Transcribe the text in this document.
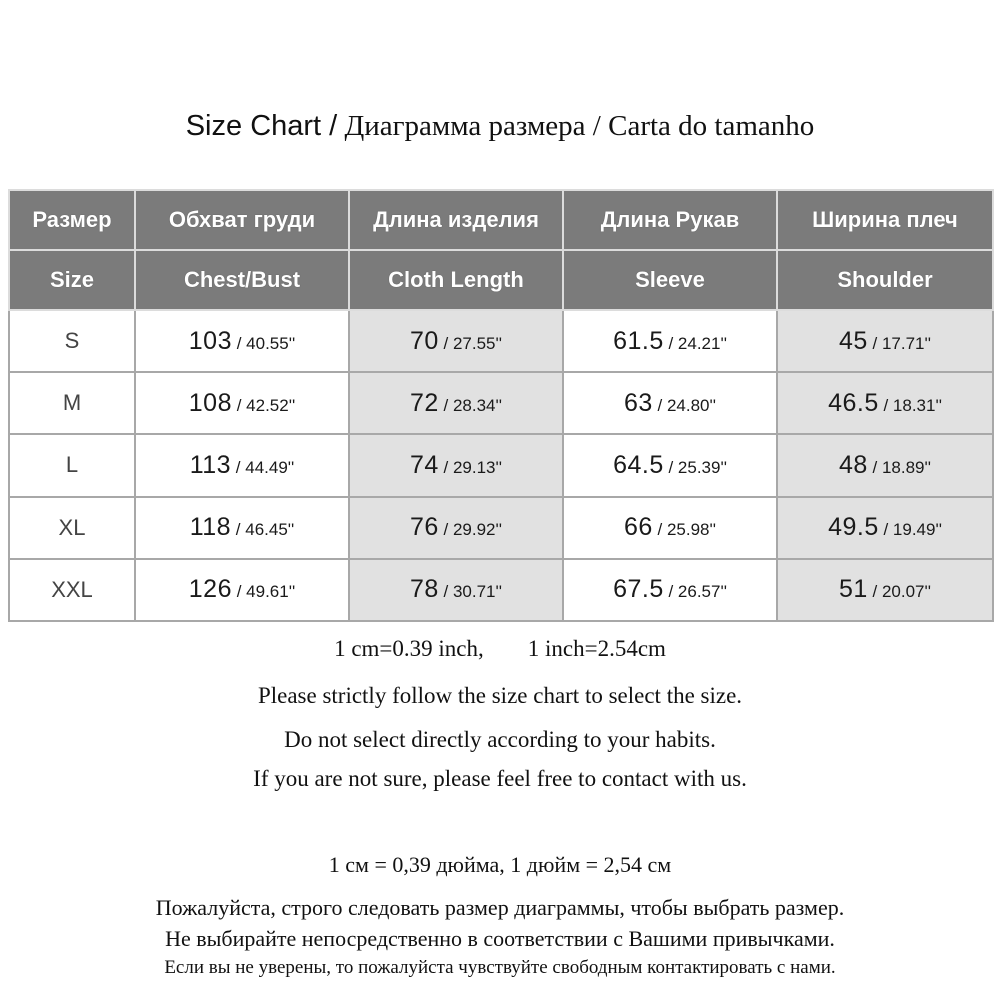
Size Chart / Диаграмма размера / Carta do tamanho
Размер	Обхват груди	Длина изделия	Длина Рукав	Ширина плеч
Size	Chest/Bust	Cloth Length	Sleeve	Shoulder
S	103 / 40.55''	70 / 27.55''	61.5 / 24.21''	45 / 17.71''
M	108 / 42.52''	72 / 28.34''	63 / 24.80''	46.5 / 18.31''
L	113 / 44.49''	74 / 29.13''	64.5 / 25.39''	48 / 18.89''
XL	118 / 46.45''	76 / 29.92''	66 / 25.98''	49.5 / 19.49''
XXL	126 / 49.61''	78 / 30.71''	67.5 / 26.57''	51 / 20.07''
1 cm=0.39 inch, 1 inch=2.54cm
Please strictly follow the size chart to select the size.
Do not select directly according to your habits.
If you are not sure, please feel free to contact with us.
1 см = 0,39 дюйма, 1 дюйм = 2,54 см
Пожалуйста, строго следовать размер диаграммы, чтобы выбрать размер.
Не выбирайте непосредственно в соответствии с Вашими привычками.
Если вы не уверены, то пожалуйста чувствуйте свободным контактировать с нами.
